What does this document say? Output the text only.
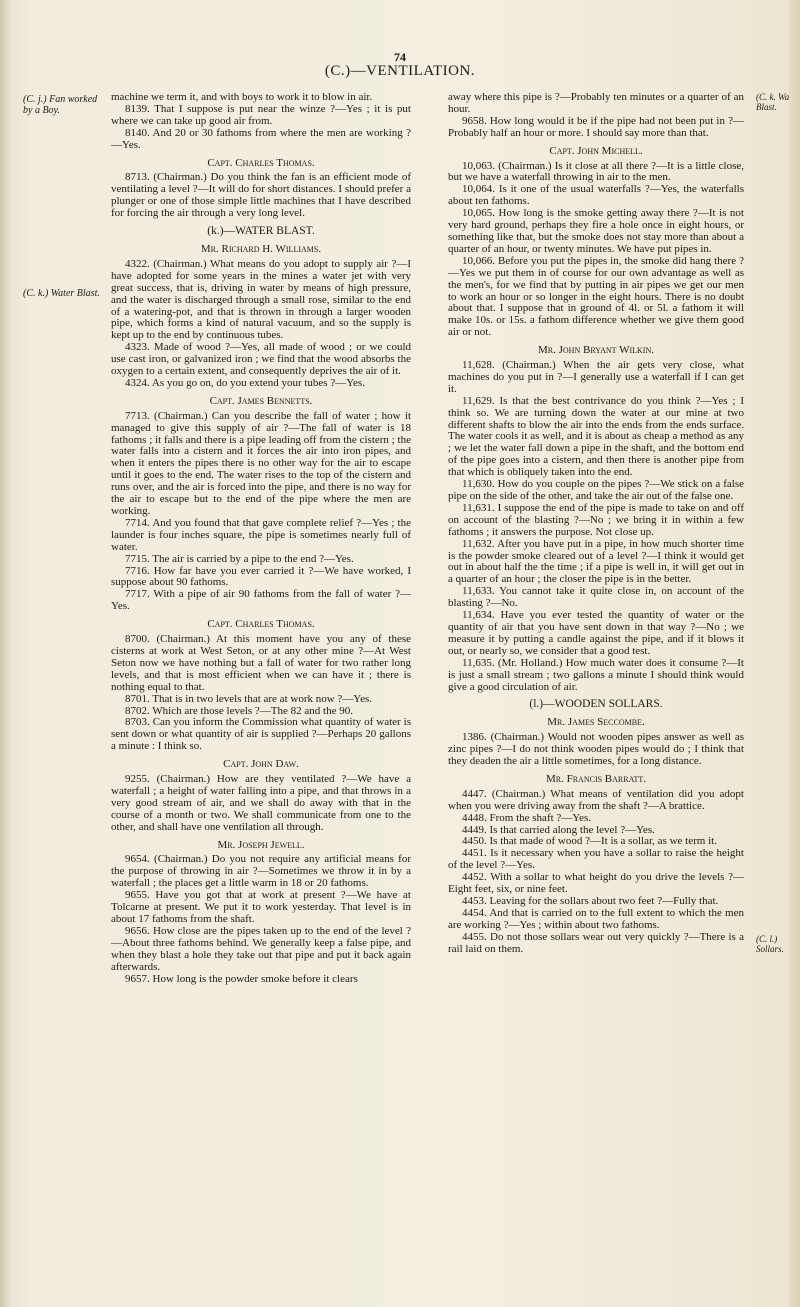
74
(C.)—VENTILATION.
(C. j.) Fan worked by a Boy.
(C. k.) Water Blast.
(C. k. Wa
Blast.
(C. l.)
Sollars.

machine we term it, and with boys to work it to blow in air.

8139. That I suppose is put near the winze ?—Yes ; it is put where we can take up good air from.

8140. And 20 or 30 fathoms from where the men are working ?—Yes.

Capt. Charles Thomas.

8713. (Chairman.) Do you think the fan is an efficient mode of ventilating a level ?—It will do for short distances. I should prefer a plunger or one of those simple little machines that I have described for forcing the air through a very long level.

(k.)—WATER BLAST.

Mr. Richard H. Williams.

4322. (Chairman.) What means do you adopt to supply air ?—I have adopted for some years in the mines a water jet with very great success, that is, driving in water by means of high pressure, and the water is discharged through a small rose, similar to the end of a watering-pot, and that is thrown in through a larger wooden pipe, which forms a kind of natural vacuum, and so the supply is kept up to the end by continuous tubes.

4323. Made of wood ?—Yes, all made of wood ; or we could use cast iron, or galvanized iron ; we find that the wood absorbs the oxygen to a certain extent, and consequently deprives the air of it.

4324. As you go on, do you extend your tubes ?—Yes.

Capt. James Bennetts.

7713. (Chairman.) Can you describe the fall of water ; how it managed to give this supply of air ?—The fall of water is 18 fathoms ; it falls and there is a pipe leading off from the cistern ; the water falls into a cistern and it forces the air into iron pipes, and when it enters the pipes there is no other way for the air to escape until it goes to the end. The water rises to the top of the cistern and runs over, and the air is forced into the pipe, and there is no way for the air to escape but to the end of the pipe where the men are working.

7714. And you found that that gave complete relief ?—Yes ; the launder is four inches square, the pipe is sometimes nearly full of water.

7715. The air is carried by a pipe to the end ?—Yes.

7716. How far have you ever carried it ?—We have worked, I suppose about 90 fathoms.

7717. With a pipe of air 90 fathoms from the fall of water ?—Yes.

Capt. Charles Thomas.

8700. (Chairman.) At this moment have you any of these cisterns at work at West Seton, or at any other mine ?—At West Seton now we have nothing but a fall of water for two rather long levels, and that is most efficient when we can have it ; there is nothing equal to that.

8701. That is in two levels that are at work now ?—Yes.

8702. Which are those levels ?—The 82 and the 90.

8703. Can you inform the Commission what quantity of water is sent down or what quantity of air is supplied ?—Perhaps 20 gallons a minute : I think so.

Capt. John Daw.

9255. (Chairman.) How are they ventilated ?—We have a waterfall ; a height of water falling into a pipe, and that throws in a very good stream of air, and we shall do away with that in the course of a month or two. We shall communicate from one to the other, and shall have one ventilation all through.

Mr. Joseph Jewell.

9654. (Chairman.) Do you not require any artificial means for the purpose of throwing in air ?—Sometimes we throw it in by a waterfall ; the places get a little warm in 18 or 20 fathoms.

9655. Have you got that at work at present ?—We have at Tolcarne at present. We put it to work yesterday. That level is in about 17 fathoms from the shaft.

9656. How close are the pipes taken up to the end of the level ?—About three fathoms behind. We generally keep a false pipe, and when they blast a hole they take out that pipe and put it back again afterwards.

9657. How long is the powder smoke before it clears

away where this pipe is ?—Probably ten minutes or a quarter of an hour.

9658. How long would it be if the pipe had not been put in ?—Probably half an hour or more. I should say more than that.

Capt. John Michell.

10,063. (Chairman.) Is it close at all there ?—It is a little close, but we have a waterfall throwing in air to the men.

10,064. Is it one of the usual waterfalls ?—Yes, the waterfalls about ten fathoms.

10,065. How long is the smoke getting away there ?—It is not very hard ground, perhaps they fire a hole once in eight hours, or something like that, but the smoke does not stay more than about a quarter of an hour, or twenty minutes. We have put pipes in.

10,066. Before you put the pipes in, the smoke did hang there ?—Yes we put them in of course for our own advantage as well as the men's, for we find that by putting in air pipes we get our men to work an hour or so longer in the eight hours. There is no doubt about that. I suppose that in ground of 4l. or 5l. a fathom it will make 10s. or 15s. a fathom difference whether we give them good air or not.

Mr. John Bryant Wilkin.

11,628. (Chairman.) When the air gets very close, what machines do you put in ?—I generally use a waterfall if I can get it.

11,629. Is that the best contrivance do you think ?—Yes ; I think so. We are turning down the water at our mine at two different shafts to blow the air into the ends from the ends surface. The water cools it as well, and it is about as cheap a method as any ; we let the water fall down a pipe in the shaft, and the bottom end of the pipe goes into a cistern, and then there is another pipe from that which is obliquely taken into the end.

11,630. How do you couple on the pipes ?—We stick on a false pipe on the side of the other, and take the air out of the false one.

11,631. I suppose the end of the pipe is made to take on and off on account of the blasting ?—No ; we bring it in within a few fathoms ; it answers the purpose. Not close up.

11,632. After you have put in a pipe, in how much shorter time is the powder smoke cleared out of a level ?—I think it would get out in about half the the time ; if a pipe is well in, it will get out in a quarter of an hour ; the closer the pipe is in the better.

11,633. You cannot take it quite close in, on account of the blasting ?—No.

11,634. Have you ever tested the quantity of water or the quantity of air that you have sent down in that way ?—No ; we measure it by putting a candle against the pipe, and if it blows it out, or nearly so, we consider that a good test.

11,635. (Mr. Holland.) How much water does it consume ?—It is just a small stream ; two gallons a minute I should think would give a good circulation of air.

(l.)—WOODEN SOLLARS.

Mr. James Seccombe.

1386. (Chairman.) Would not wooden pipes answer as well as zinc pipes ?—I do not think wooden pipes would do ; I think that they deaden the air a little sometimes, for a long distance.

Mr. Francis Barratt.

4447. (Chairman.) What means of ventilation did you adopt when you were driving away from the shaft ?—A brattice.

4448. From the shaft ?—Yes.

4449. Is that carried along the level ?—Yes.

4450. Is that made of wood ?—It is a sollar, as we term it.

4451. Is it necessary when you have a sollar to raise the height of the level ?—Yes.

4452. With a sollar to what height do you drive the levels ?—Eight feet, six, or nine feet.

4453. Leaving for the sollars about two feet ?—Fully that.

4454. And that is carried on to the full extent to which the men are working ?—Yes ; within about two fathoms.

4455. Do not those sollars wear out very quickly ?—There is a rail laid on them.
